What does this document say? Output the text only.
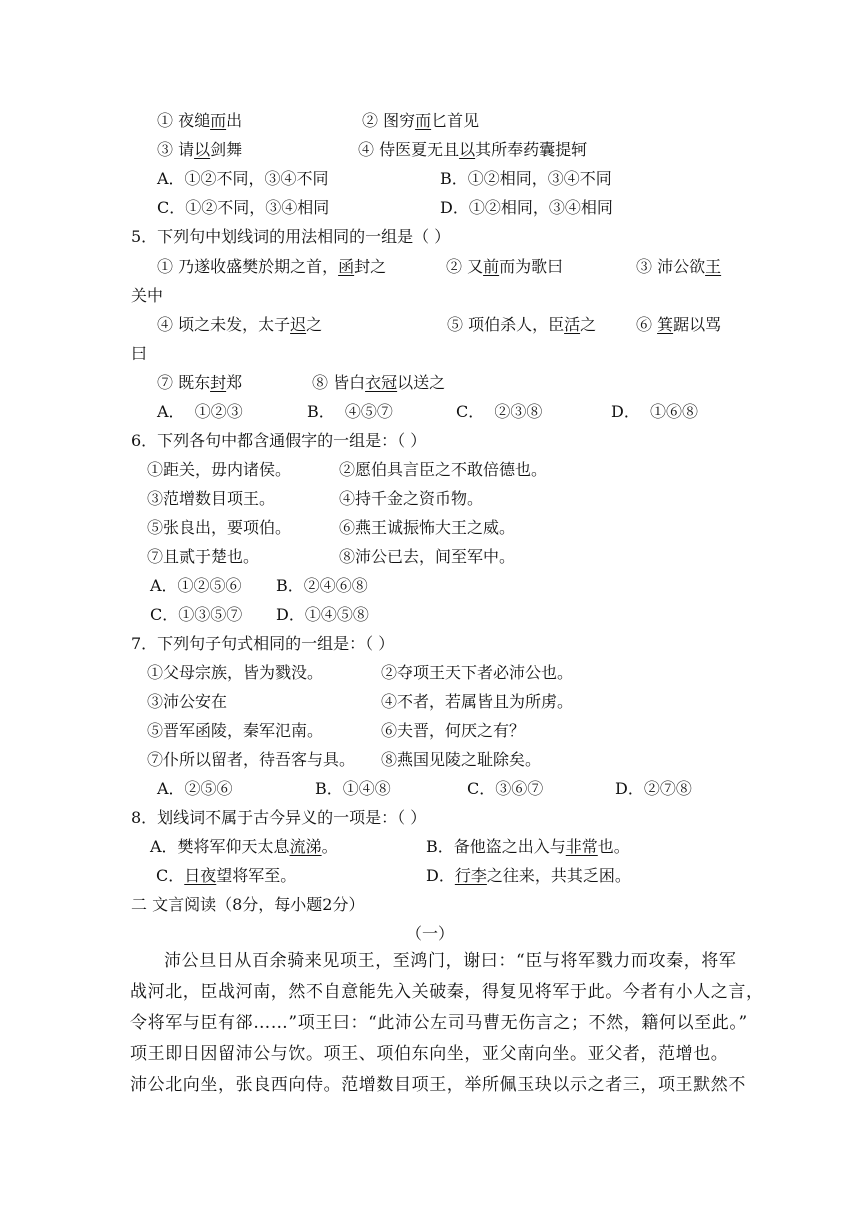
① 夜缒而出	② 图穷而匕首见
③ 请以剑舞	④ 侍医夏无且以其所奉药囊提轲
A．①②不同，③④不同	B．①②相同，③④不同
C．①②不同，③④相同	D．①②相同，③④相同
5．下列句中划线词的用法相同的一组是（ ）
① 乃遂收盛樊於期之首，函封之	② 又前而为歌曰	③ 沛公欲王
关中
④ 顷之未发，太子迟之	⑤ 项伯杀人，臣活之 ⑥ 箕踞以骂
曰
⑦ 既东封郑	⑧ 皆白衣冠以送之
A．  ①②③	B．  ④⑤⑦	C．  ②③⑧	D．  ①⑥⑧
6．下列各句中都含通假字的一组是：（ ）
①距关，毋内诸侯。	②愿伯具言臣之不敢倍德也。
③范增数目项王。	④持千金之资币物。
⑤张良出，要项伯。	⑥燕王诚振怖大王之威。
⑦且贰于楚也。	⑧沛公已去，间至军中。
A．①②⑤⑥ B．②④⑥⑧
C．①③⑤⑦ D．①④⑤⑧
7．下列句子句式相同的一组是：（ ）
①父母宗族，皆为戮没。	②夺项王天下者必沛公也。
③沛公安在	④不者，若属皆且为所虏。
⑤晋军函陵，秦军氾南。	⑥夫晋，何厌之有？
⑦仆所以留者，待吾客与具。 ⑧燕国见陵之耻除矣。
A．②⑤⑥	B．①④⑧	C．③⑥⑦	D．②⑦⑧
8．划线词不属于古今异义的一项是：（ ）
A．樊将军仰天太息流涕。	B．备他盗之出入与非常也。
C．日夜望将军至。	D．行李之往来，共其乏困。
二 文言阅读（8分，每小题2分）
（一）
沛公旦日从百余骑来见项王，至鸿门，谢曰：“臣与将军戮力而攻秦，将军
战河北，臣战河南，然不自意能先入关破秦，得复见将军于此。今者有小人之言，
令将军与臣有郤……”项王曰：“此沛公左司马曹无伤言之；不然，籍何以至此。”
项王即日因留沛公与饮。项王、项伯东向坐，亚父南向坐。亚父者，范增也。
沛公北向坐，张良西向侍。范增数目项王，举所佩玉玦以示之者三，项王默然不
